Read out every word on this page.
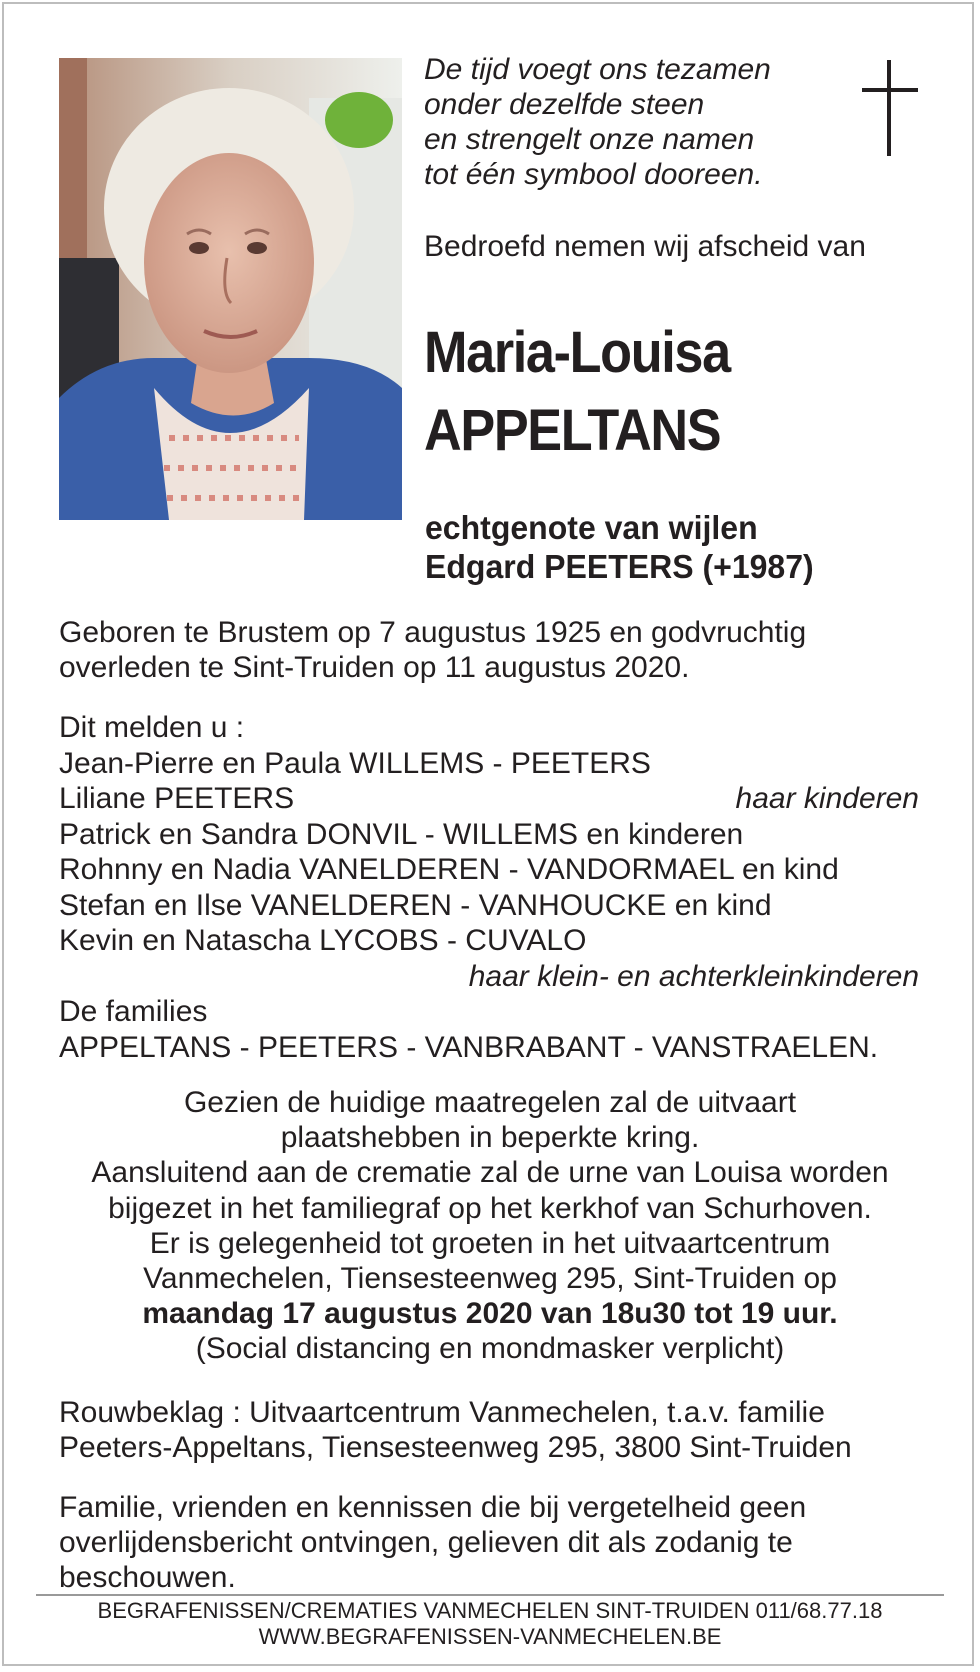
De tijd voegt ons tezamen
onder dezelfde steen
en strengelt onze namen
tot één symbool dooreen.
Bedroefd nemen wij afscheid van
Maria-Louisa
APPELTANS
echtgenote van wijlen
Edgard PEETERS (+1987)
Geboren te Brustem op 7 augustus 1925 en godvruchtig
overleden te Sint-Truiden op 11 augustus 2020.
Dit melden u :
Jean-Pierre en Paula WILLEMS - PEETERS
Liliane PEETERS	haar kinderen
Patrick en Sandra DONVIL - WILLEMS en kinderen
Rohnny en Nadia VANELDEREN - VANDORMAEL en kind
Stefan en Ilse VANELDEREN - VANHOUCKE en kind
Kevin en Natascha LYCOBS - CUVALO
haar klein- en achterkleinkinderen
De families
APPELTANS - PEETERS - VANBRABANT - VANSTRAELEN.
Gezien de huidige maatregelen zal de uitvaart
plaatshebben in beperkte kring.
Aansluitend aan de crematie zal de urne van Louisa worden
bijgezet in het familiegraf op het kerkhof van Schurhoven.
Er is gelegenheid tot groeten in het uitvaartcentrum
Vanmechelen, Tiensesteenweg 295, Sint-Truiden op
maandag 17 augustus 2020 van 18u30 tot 19 uur.
(Social distancing en mondmasker verplicht)
Rouwbeklag : Uitvaartcentrum Vanmechelen, t.a.v. familie
Peeters-Appeltans, Tiensesteenweg 295, 3800 Sint-Truiden
Familie, vrienden en kennissen die bij vergetelheid geen
overlijdensbericht ontvingen, gelieven dit als zodanig te
beschouwen.
BEGRAFENISSEN/CREMATIES VANMECHELEN SINT-TRUIDEN 011/68.77.18
WWW.BEGRAFENISSEN-VANMECHELEN.BE
